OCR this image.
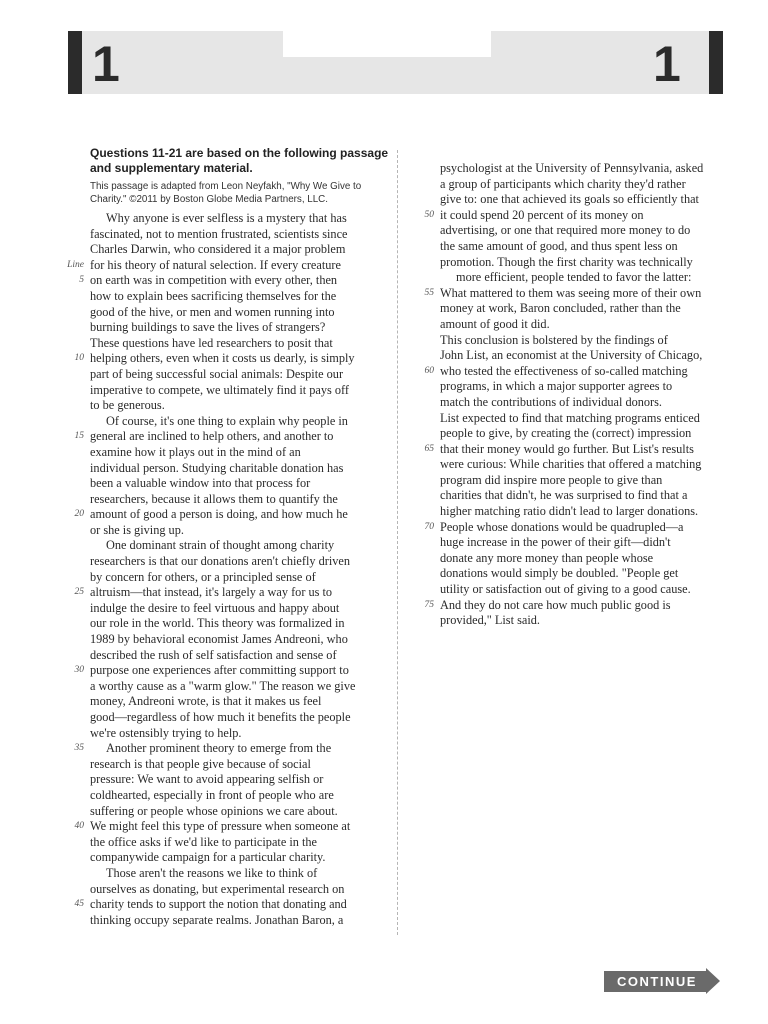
1	1

Questions 11-21 are based on the following passage and supplementary material.

This passage is adapted from Leon Neyfakh, "Why We Give to Charity." ©2011 by Boston Globe Media Partners, LLC.

Why anyone is ever selfless is a mystery that has
fascinated, not to mention frustrated, scientists since
Charles Darwin, who considered it a major problem
Line for his theory of natural selection. If every creature
5 on earth was in competition with every other, then
how to explain bees sacrificing themselves for the
good of the hive, or men and women running into
burning buildings to save the lives of strangers?
These questions have led researchers to posit that
10 helping others, even when it costs us dearly, is simply
part of being successful social animals: Despite our
imperative to compete, we ultimately find it pays off
to be generous.
Of course, it's one thing to explain why people in
15 general are inclined to help others, and another to
examine how it plays out in the mind of an
individual person. Studying charitable donation has
been a valuable window into that process for
researchers, because it allows them to quantify the
20 amount of good a person is doing, and how much he
or she is giving up.
One dominant strain of thought among charity
researchers is that our donations aren't chiefly driven
by concern for others, or a principled sense of
25 altruism—that instead, it's largely a way for us to
indulge the desire to feel virtuous and happy about
our role in the world. This theory was formalized in
1989 by behavioral economist James Andreoni, who
described the rush of self satisfaction and sense of
30 purpose one experiences after committing support to
a worthy cause as a "warm glow." The reason we give
money, Andreoni wrote, is that it makes us feel
good—regardless of how much it benefits the people
we're ostensibly trying to help.
35 Another prominent theory to emerge from the
research is that people give because of social
pressure: We want to avoid appearing selfish or
coldhearted, especially in front of people who are
suffering or people whose opinions we care about.
40 We might feel this type of pressure when someone at
the office asks if we'd like to participate in the
companywide campaign for a particular charity.
Those aren't the reasons we like to think of
ourselves as donating, but experimental research on
45 charity tends to support the notion that donating and
thinking occupy separate realms. Jonathan Baron, a
psychologist at the University of Pennsylvania, asked
a group of participants which charity they'd rather
give to: one that achieved its goals so efficiently that
50 it could spend 20 percent of its money on
advertising, or one that required more money to do
the same amount of good, and thus spent less on
promotion. Though the first charity was technically
more efficient, people tended to favor the latter:
55 What mattered to them was seeing more of their own
money at work, Baron concluded, rather than the
amount of good it did.
This conclusion is bolstered by the findings of
John List, an economist at the University of Chicago,
60 who tested the effectiveness of so-called matching
programs, in which a major supporter agrees to
match the contributions of individual donors.
List expected to find that matching programs enticed
people to give, by creating the (correct) impression
65 that their money would go further. But List's results
were curious: While charities that offered a matching
program did inspire more people to give than
charities that didn't, he was surprised to find that a
higher matching ratio didn't lead to larger donations.
70 People whose donations would be quadrupled—a
huge increase in the power of their gift—didn't
donate any more money than people whose
donations would simply be doubled. "People get
utility or satisfaction out of giving to a good cause.
75 And they do not care how much public good is
provided," List said.
CONTINUE
